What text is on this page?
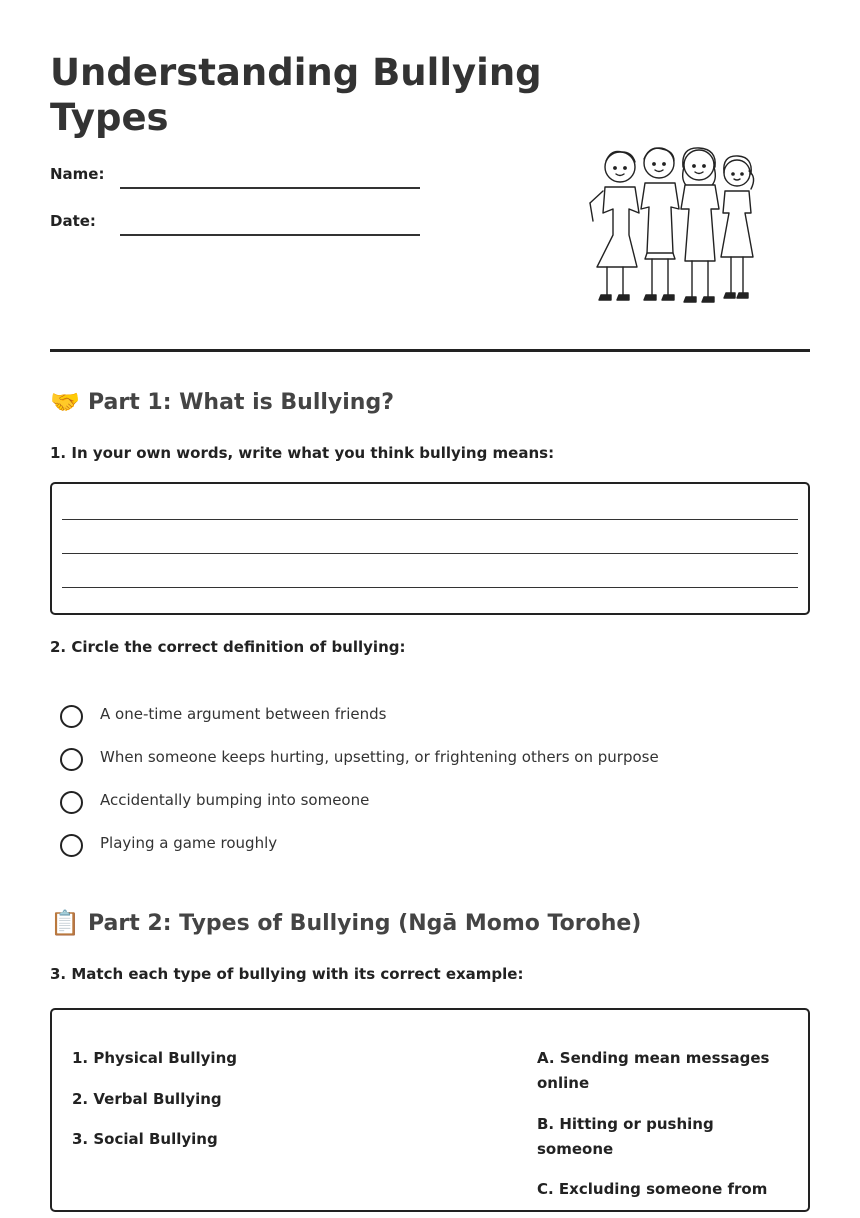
Understanding Bullying Types
Name:
Date:
🤝 Part 1: What is Bullying?

1. In your own words, write what you think bullying means:

2. Circle the correct definition of bullying:

A one-time argument between friends
When someone keeps hurting, upsetting, or frightening others on purpose
Accidentally bumping into someone
Playing a game roughly
📋 Part 2: Types of Bullying (Ngā Momo Torohe)

3. Match each type of bullying with its correct example:

1. Physical Bullying
2. Verbal Bullying
3. Social Bullying
A. Sending mean messages online
B. Hitting or pushing someone
C. Excluding someone from
